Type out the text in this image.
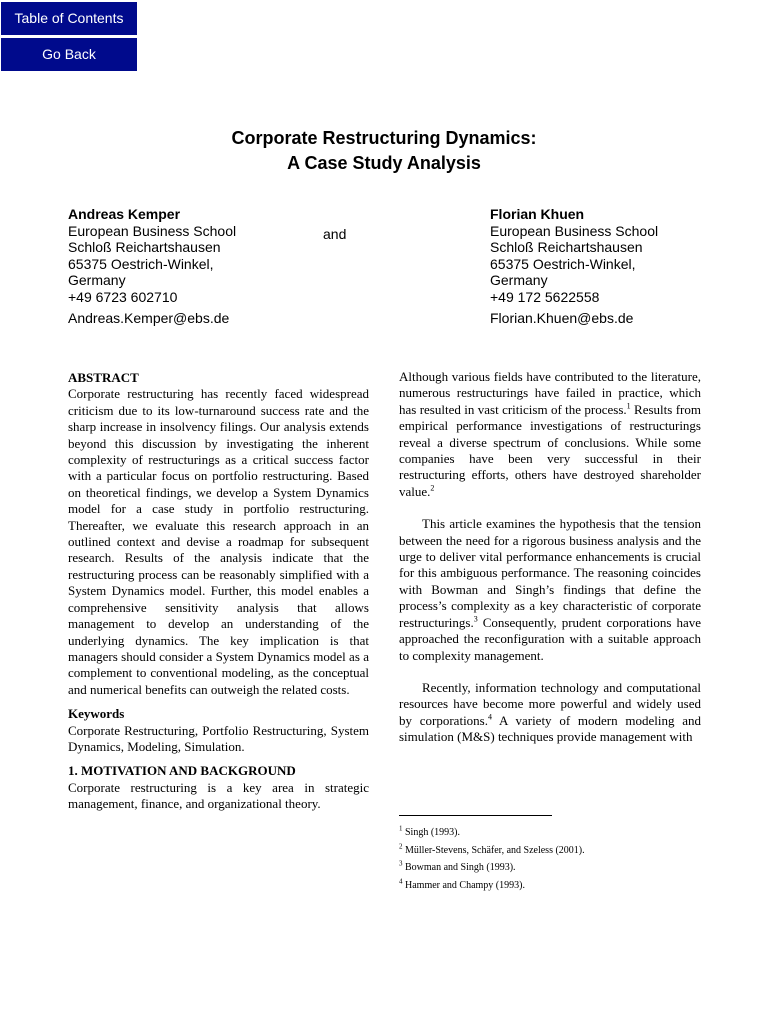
Table of Contents
Go Back
Corporate Restructuring Dynamics:
A Case Study Analysis
Andreas Kemper
European Business School
Schloß Reichartshausen
65375 Oestrich-Winkel,
Germany
+49 6723 602710
Andreas.Kemper@ebs.de
and
Florian Khuen
European Business School
Schloß Reichartshausen
65375 Oestrich-Winkel,
Germany
+49 172 5622558
Florian.Khuen@ebs.de

ABSTRACT

Corporate restructuring has recently faced widespread criticism due to its low-turnaround success rate and the sharp increase in insolvency filings. Our analysis extends beyond this discussion by investigating the inherent complexity of restructurings as a critical success factor with a particular focus on portfolio restructuring. Based on theoretical findings, we develop a System Dynamics model for a case study in portfolio restructuring. Thereafter, we evaluate this research approach in an outlined context and devise a roadmap for subsequent research. Results of the analysis indicate that the restructuring process can be reasonably simplified with a System Dynamics model. Further, this model enables a comprehensive sensitivity analysis that allows management to develop an understanding of the underlying dynamics. The key implication is that managers should consider a System Dynamics model as a complement to conventional modeling, as the conceptual and numerical benefits can outweigh the related costs.

Keywords

Corporate Restructuring, Portfolio Restructuring, System Dynamics, Modeling, Simulation.

1. MOTIVATION AND BACKGROUND

Corporate restructuring is a key area in strategic management, finance, and organizational theory.

Although various fields have contributed to the literature, numerous restructurings have failed in practice, which has resulted in vast criticism of the process.$^1$ Results from empirical performance investigations of restructurings reveal a diverse spectrum of conclusions. While some companies have been very successful in their restructuring efforts, others have destroyed shareholder value.$^2$

This article examines the hypothesis that the tension between the need for a rigorous business analysis and the urge to deliver vital performance enhancements is crucial for this ambiguous performance. The reasoning coincides with Bowman and Singh’s findings that define the process’s complexity as a key characteristic of corporate restructurings.$^3$ Consequently, prudent corporations have approached the reconfiguration with a suitable approach to complexity management.

Recently, information technology and computational resources have become more powerful and widely used by corporations.$^4$ A variety of modern modeling and simulation (M&S) techniques provide management with

$^1$ Singh (1993).
$^2$ Müller-Stevens, Schäfer, and Szeless (2001).
$^3$ Bowman and Singh (1993).
$^4$ Hammer and Champy (1993).
